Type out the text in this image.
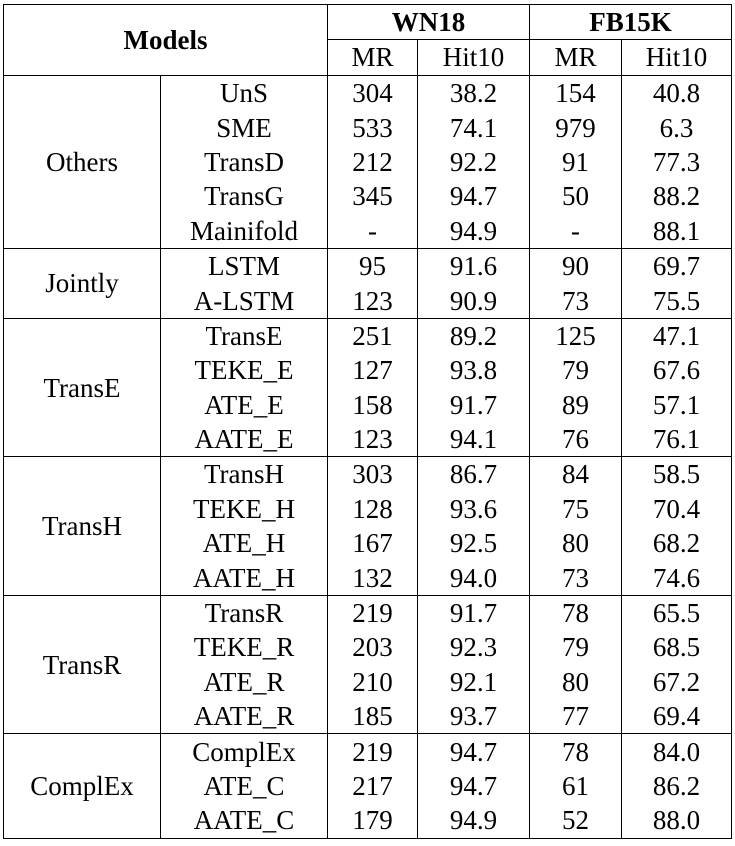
Models		WN18		FB15K	
		MR	Hit10	MR	Hit10
Others	UnS	304	38.2	154	40.8
	SME	533	74.1	979	6.3
	TransD	212	92.2	91	77.3
	TransG	345	94.7	50	88.2
	Mainifold	-	94.9	-	88.1
Jointly	LSTM	95	91.6	90	69.7
	A-LSTM	123	90.9	73	75.5
TransE	TransE	251	89.2	125	47.1
	TEKE_E	127	93.8	79	67.6
	ATE_E	158	91.7	89	57.1
	AATE_E	123	94.1	76	76.1
TransH	TransH	303	86.7	84	58.5
	TEKE_H	128	93.6	75	70.4
	ATE_H	167	92.5	80	68.2
	AATE_H	132	94.0	73	74.6
TransR	TransR	219	91.7	78	65.5
	TEKE_R	203	92.3	79	68.5
	ATE_R	210	92.1	80	67.2
	AATE_R	185	93.7	77	69.4
ComplEx	ComplEx	219	94.7	78	84.0
	ATE_C	217	94.7	61	86.2
	AATE_C	179	94.9	52	88.0
